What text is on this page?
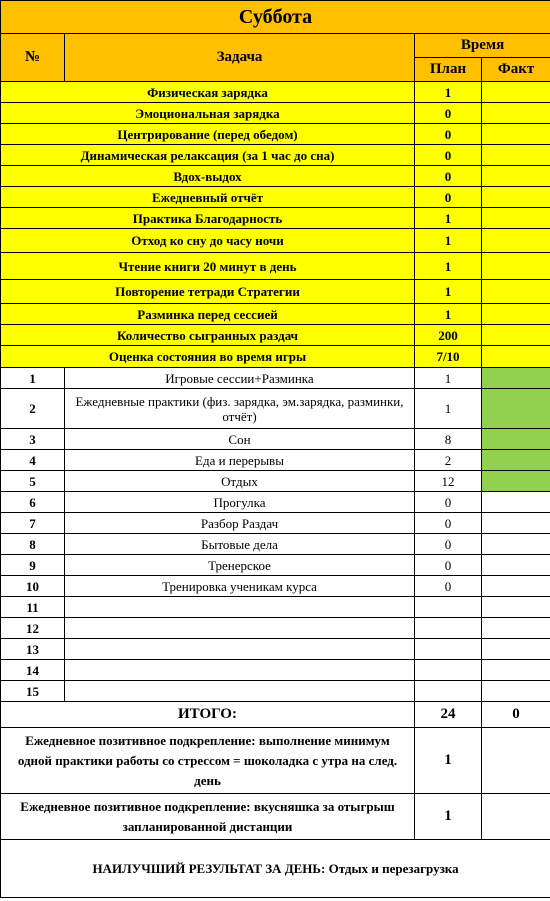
Суббота			
№	Задача	Время	
		План	Факт
Физическая зарядка		1	
Эмоциональная зарядка		0	
Центрирование (перед обедом)		0	
Динамическая релаксация (за 1 час до сна)		0	
Вдох-выдох		0	
Ежедневный отчёт		0	
Практика Благодарность		1	
Отход ко сну до часу ночи		1	
Чтение книги 20 минут в день		1	
Повторение тетради Стратегии		1	
Разминка перед сессией		1	
Количество сыгранных раздач		200	
Оценка состояния во время игры		7/10	
1	Игровые сессии+Разминка	1	
2	Ежедневные практики (физ. зарядка, эм.зарядка, разминки, отчёт)	1	
3	Сон	8	
4	Еда и перерывы	2	
5	Отдых	12	
6	Прогулка	0	
7	Разбор Раздач	0	
8	Бытовые дела	0	
9	Тренерское	0	
10	Тренировка ученикам курса	0	
11			
12			
13			
14			
15			
ИТОГО:		24	0
Ежедневное позитивное подкрепление: выполнение минимум одной практики работы со стрессом = шоколадка с утра на след. день		1	
Ежедневное позитивное подкрепление: вкусняшка за отыгрыш запланированной дистанции		1	
НАИЛУЧШИЙ РЕЗУЛЬТАТ ЗА ДЕНЬ: Отдых и перезагрузка			
